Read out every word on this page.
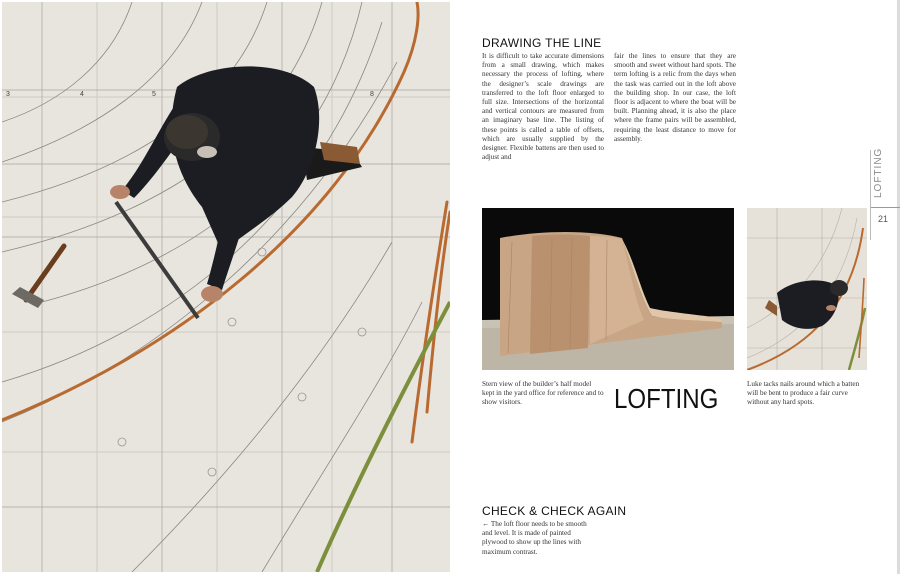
3	4	5	8
DRAWING THE LINE
It is difficult to take accurate dimensions from a small drawing, which makes necessary the process of lofting, where the designer’s scale drawings are transferred to the loft floor enlarged to full size. Intersections of the horizontal and vertical contours are measured from an imaginary base line. The listing of these points is called a table of offsets, which are usually supplied by the designer. Flexible battens are then used to adjust and
fair the lines to ensure that they are smooth and sweet without hard spots. The term lofting is a relic from the days when the task was carried out in the loft above the building shop. In our case, the loft floor is adjacent to where the boat will be built. Planning ahead, it is also the place where the frame pairs will be assembled, requiring the least distance to move for assembly.
LOFTING
21
Stern view of the builder’s half model kept in the yard office for reference and to show visitors.	LOFTING	Luke tacks nails around which a batten will be bent to produce a fair curve without any hard spots.
CHECK & CHECK AGAIN
← The loft floor needs to be smooth and level. It is made of painted plywood to show up the lines with maximum contrast.
